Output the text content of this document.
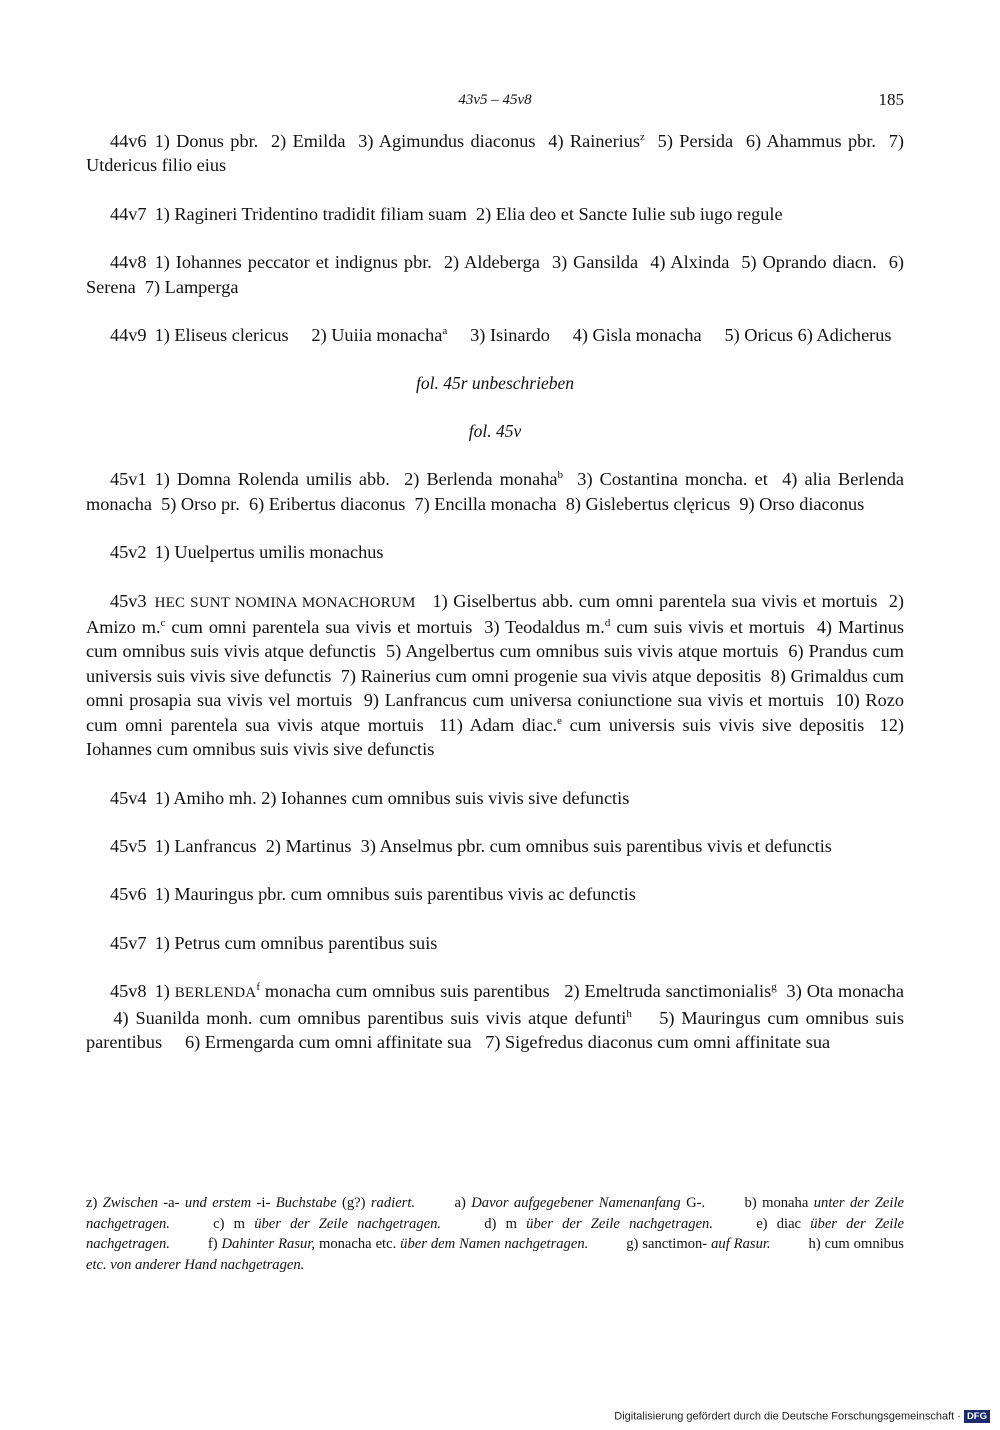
43v5 – 45v8	185

44v6 1) Donus pbr.  2) Emilda  3) Agimundus diaconus  4) Rainerius$^z$  5) Persida  6) Ahammus pbr.  7) Utdericus filio eius

44v7 1) Ragineri Tridentino tradidit filiam suam  2) Elia deo et Sancte Iulie sub iugo regule

44v8 1) Iohannes peccator et indignus pbr.  2) Aldeberga  3) Gansilda  4) Alxinda  5) Oprando diacn.  6) Serena  7) Lamperga

44v9 1) Eliseus clericus     2) Uuiia monacha$^a$     3) Isinardo     4) Gisla monacha     5) Oricus 6) Adicherus

fol. 45r unbeschrieben
fol. 45v

45v1 1) Domna Rolenda umilis abb.  2) Berlenda monaha$^b$  3) Costantina moncha. et  4) alia Berlenda monacha  5) Orso pr.  6) Eribertus diaconus  7) Encilla monacha  8) Gislebertus clęricus  9) Orso diaconus

45v2 1) Uuelpertus umilis monachus

45v3 HEC SUNT NOMINA MONACHORUM   1) Giselbertus abb. cum omni parentela sua vivis et mortuis  2) Amizo m.$^c$ cum omni parentela sua vivis et mortuis  3) Teodaldus m.$^d$ cum suis vivis et mortuis  4) Martinus cum omnibus suis vivis atque defunctis  5) Angelbertus cum omnibus suis vivis atque mortuis  6) Prandus cum universis suis vivis sive defunctis  7) Rainerius cum omni progenie sua vivis atque depositis  8) Grimaldus cum omni prosapia sua vivis vel mortuis  9) Lanfrancus cum universa coniunctione sua vivis et mortuis  10) Rozo cum omni parentela sua vivis atque mortuis  11) Adam diac.$^e$ cum universis suis vivis sive depositis  12) Iohannes cum omnibus suis vivis sive defunctis

45v4 1) Amiho mh. 2) Iohannes cum omnibus suis vivis sive defunctis

45v5 1) Lanfrancus  2) Martinus  3) Anselmus pbr. cum omnibus suis parentibus vivis et defunctis

45v6 1) Mauringus pbr. cum omnibus suis parentibus vivis ac defunctis

45v7 1) Petrus cum omnibus parentibus suis

45v8 1) BERLENDA$^f$ monacha cum omnibus suis parentibus   2) Emeltruda sanctimonialis$^g$  3) Ota monacha     4) Suanilda monh. cum omnibus parentibus suis vivis atque defunti$^h$    5) Mauringus cum omnibus suis parentibus     6) Ermengarda cum omni affinitate sua   7) Sigefredus diaconus cum omni affinitate sua

z) Zwischen -a- und erstem -i- Buchstabe (g?) radiert.	a) Davor aufgegebener Namenanfang G-.	b) monaha unter der Zeile nachgetragen.	c) m über der Zeile nachgetragen.	d) m über der Zeile nachgetragen.	e) diac über der Zeile nachgetragen.	f) Dahinter Rasur, monacha etc. über dem Namen nachgetragen.	g) sanctimon- auf Rasur.	h) cum omnibus etc. von anderer Hand nachgetragen.
Digitalisierung gefördert durch die Deutsche Forschungsgemeinschaft · DFG
